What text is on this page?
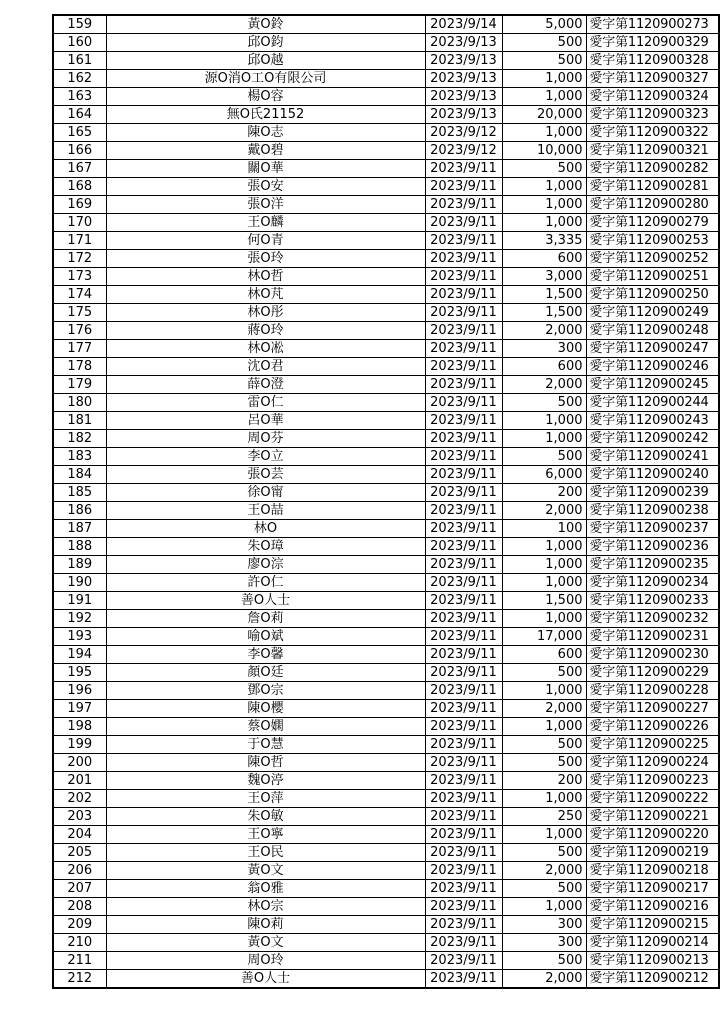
159	黃O鈴	2023/9/14	5,000	愛字第1120900273
160	邱O鈞	2023/9/13	500	愛字第1120900329
161	邱O越	2023/9/13	500	愛字第1120900328
162	源O消O工O有限公司	2023/9/13	1,000	愛字第1120900327
163	楊O容	2023/9/13	1,000	愛字第1120900324
164	無O氏21152	2023/9/13	20,000	愛字第1120900323
165	陳O志	2023/9/12	1,000	愛字第1120900322
166	戴O碧	2023/9/12	10,000	愛字第1120900321
167	關O華	2023/9/11	500	愛字第1120900282
168	張O安	2023/9/11	1,000	愛字第1120900281
169	張O洋	2023/9/11	1,000	愛字第1120900280
170	王O麟	2023/9/11	1,000	愛字第1120900279
171	何O青	2023/9/11	3,335	愛字第1120900253
172	張O玲	2023/9/11	600	愛字第1120900252
173	林O哲	2023/9/11	3,000	愛字第1120900251
174	林O芃	2023/9/11	1,500	愛字第1120900250
175	林O彤	2023/9/11	1,500	愛字第1120900249
176	蔣O玲	2023/9/11	2,000	愛字第1120900248
177	林O凇	2023/9/11	300	愛字第1120900247
178	沈O君	2023/9/11	600	愛字第1120900246
179	薛O澄	2023/9/11	2,000	愛字第1120900245
180	雷O仁	2023/9/11	500	愛字第1120900244
181	呂O華	2023/9/11	1,000	愛字第1120900243
182	周O芬	2023/9/11	1,000	愛字第1120900242
183	李O立	2023/9/11	500	愛字第1120900241
184	張O芸	2023/9/11	6,000	愛字第1120900240
185	徐O甯	2023/9/11	200	愛字第1120900239
186	王O喆	2023/9/11	2,000	愛字第1120900238
187	林O	2023/9/11	100	愛字第1120900237
188	朱O璋	2023/9/11	1,000	愛字第1120900236
189	廖O淙	2023/9/11	1,000	愛字第1120900235
190	許O仁	2023/9/11	1,000	愛字第1120900234
191	善O人士	2023/9/11	1,500	愛字第1120900233
192	詹O莉	2023/9/11	1,000	愛字第1120900232
193	喻O斌	2023/9/11	17,000	愛字第1120900231
194	李O馨	2023/9/11	600	愛字第1120900230
195	顏O廷	2023/9/11	500	愛字第1120900229
196	鄧O宗	2023/9/11	1,000	愛字第1120900228
197	陳O櫻	2023/9/11	2,000	愛字第1120900227
198	蔡O嫻	2023/9/11	1,000	愛字第1120900226
199	于O慧	2023/9/11	500	愛字第1120900225
200	陳O哲	2023/9/11	500	愛字第1120900224
201	魏O渟	2023/9/11	200	愛字第1120900223
202	王O萍	2023/9/11	1,000	愛字第1120900222
203	朱O敏	2023/9/11	250	愛字第1120900221
204	王O寧	2023/9/11	1,000	愛字第1120900220
205	王O民	2023/9/11	500	愛字第1120900219
206	黃O文	2023/9/11	2,000	愛字第1120900218
207	翁O雅	2023/9/11	500	愛字第1120900217
208	林O宗	2023/9/11	1,000	愛字第1120900216
209	陳O莉	2023/9/11	300	愛字第1120900215
210	黃O文	2023/9/11	300	愛字第1120900214
211	周O玲	2023/9/11	500	愛字第1120900213
212	善O人士	2023/9/11	2,000	愛字第1120900212
